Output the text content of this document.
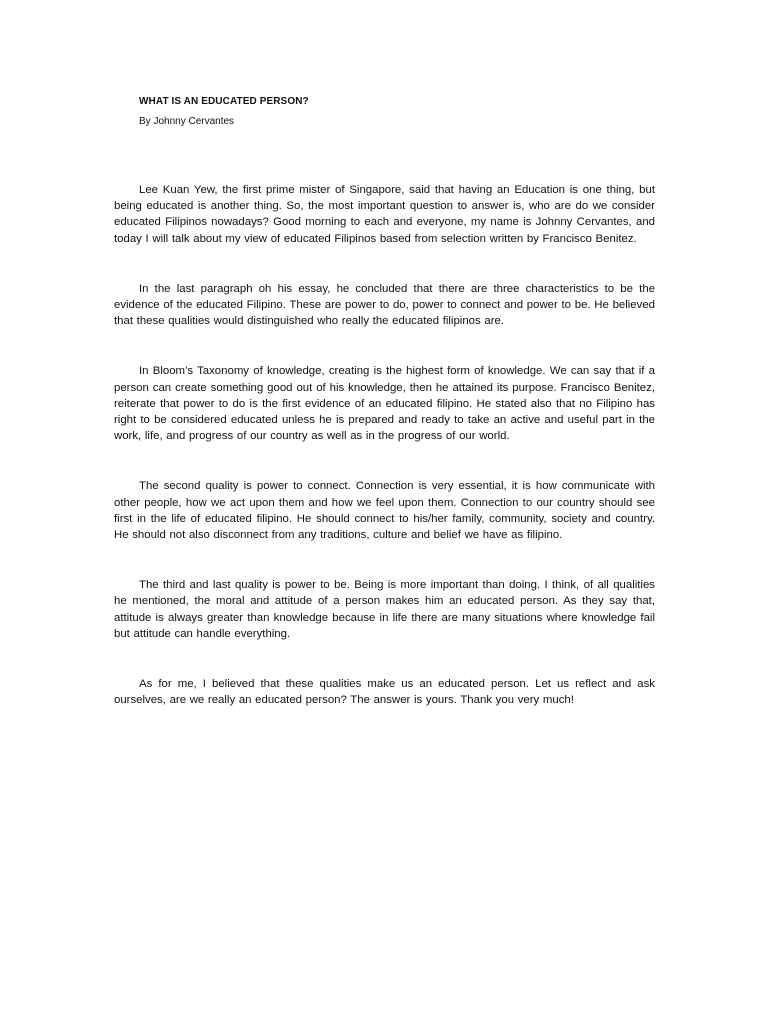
WHAT IS AN EDUCATED PERSON?
By Johnny Cervantes

Lee Kuan Yew, the first prime mister of Singapore, said that having an Education is one thing, but being educated is another thing. So, the most important question to answer is, who are do we consider educated Filipinos nowadays? Good morning to each and everyone, my name is Johnny Cervantes, and today I will talk about my view of educated Filipinos based from selection written by Francisco Benitez.

In the last paragraph oh his essay, he concluded that there are three characteristics to be the evidence of the educated Filipino. These are power to do, power to connect and power to be. He believed that these qualities would distinguished who really the educated filipinos are.

In Bloom’s Taxonomy of knowledge, creating is the highest form of knowledge. We can say that if a person can create something good out of his knowledge, then he attained its purpose. Francisco Benitez, reiterate that power to do is the first evidence of an educated filipino. He stated also that no Filipino has right to be considered educated unless he is prepared and ready to take an active and useful part in the work, life, and progress of our country as well as in the progress of our world.

The second quality is power to connect. Connection is very essential, it is how communicate with other people, how we act upon them and how we feel upon them. Connection to our country should see first in the life of educated filipino. He should connect to his/her family, community, society and country. He should not also disconnect from any traditions, culture and belief we have as filipino.

The third and last quality is power to be. Being is more important than doing. I think, of all qualities he mentioned, the moral and attitude of a person makes him an educated person. As they say that, attitude is always greater than knowledge because in life there are many situations where knowledge fail but attitude can handle everything.

As for me, I believed that these qualities make us an educated person. Let us reflect and ask ourselves, are we really an educated person? The answer is yours. Thank you very much!
